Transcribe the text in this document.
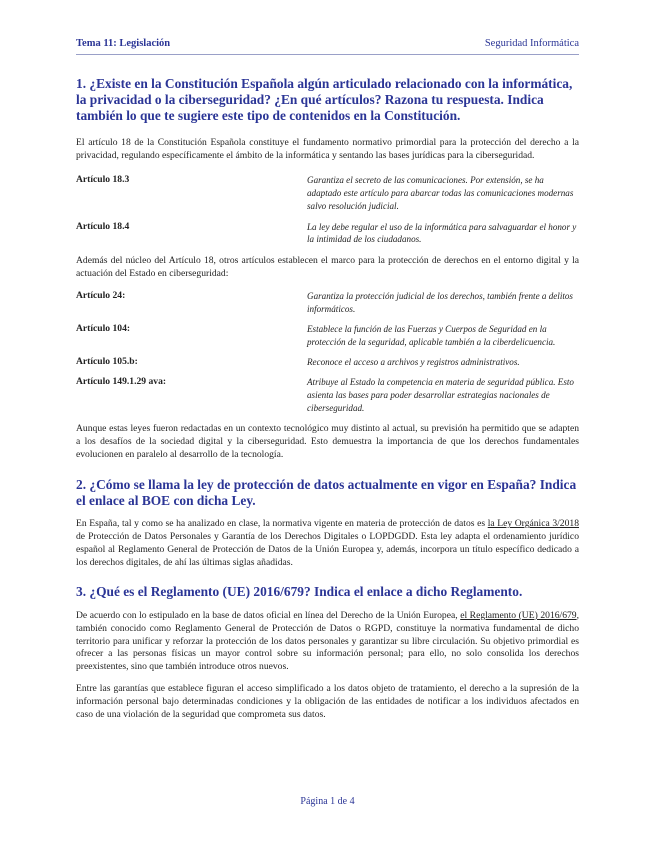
Tema 11: Legislación	Seguridad Informática
1. ¿Existe en la Constitución Española algún articulado relacionado con la informática, la privacidad o la ciberseguridad? ¿En qué artículos? Razona tu respuesta. Indica también lo que te sugiere este tipo de contenidos en la Constitución.

El artículo 18 de la Constitución Española constituye el fundamento normativo primordial para la protección del derecho a la privacidad, regulando específicamente el ámbito de la informática y sentando las bases jurídicas para la ciberseguridad.

Artículo 18.3	Garantiza el secreto de las comunicaciones. Por extensión, se ha adaptado este artículo para abarcar todas las comunicaciones modernas salvo resolución judicial.
Artículo 18.4	La ley debe regular el uso de la informática para salvaguardar el honor y la intimidad de los ciudadanos.

Además del núcleo del Artículo 18, otros artículos establecen el marco para la protección de derechos en el entorno digital y la actuación del Estado en ciberseguridad:

Artículo 24:	Garantiza la protección judicial de los derechos, también frente a delitos informáticos.
Artículo 104:	Establece la función de las Fuerzas y Cuerpos de Seguridad en la protección de la seguridad, aplicable también a la ciberdelicuencia.
Artículo 105.b:	Reconoce el acceso a archivos y registros administrativos.
Artículo 149.1.29 ava:	Atribuye al Estado la competencia en materia de seguridad pública. Esto asienta las bases para poder desarrollar estrategias nacionales de ciberseguridad.

Aunque estas leyes fueron redactadas en un contexto tecnológico muy distinto al actual, su previsión ha permitido que se adapten a los desafíos de la sociedad digital y la ciberseguridad. Esto demuestra la importancia de que los derechos fundamentales evolucionen en paralelo al desarrollo de la tecnología.

2. ¿Cómo se llama la ley de protección de datos actualmente en vigor en España? Indica el enlace al BOE con dicha Ley.

En España, tal y como se ha analizado en clase, la normativa vigente en materia de protección de datos es la Ley Orgánica 3/2018 de Protección de Datos Personales y Garantía de los Derechos Digitales o LOPDGDD. Esta ley adapta el ordenamiento jurídico español al Reglamento General de Protección de Datos de la Unión Europea y, además, incorpora un título específico dedicado a los derechos digitales, de ahí las últimas siglas añadidas.

3. ¿Qué es el Reglamento (UE) 2016/679? Indica el enlace a dicho Reglamento.

De acuerdo con lo estipulado en la base de datos oficial en línea del Derecho de la Unión Europea, el Reglamento (UE) 2016/679, también conocido como Reglamento General de Protección de Datos o RGPD, constituye la normativa fundamental de dicho territorio para unificar y reforzar la protección de los datos personales y garantizar su libre circulación. Su objetivo primordial es ofrecer a las personas físicas un mayor control sobre su información personal; para ello, no solo consolida los derechos preexistentes, sino que también introduce otros nuevos.

Entre las garantías que establece figuran el acceso simplificado a los datos objeto de tratamiento, el derecho a la supresión de la información personal bajo determinadas condiciones y la obligación de las entidades de notificar a los individuos afectados en caso de una violación de la seguridad que comprometa sus datos.

Página 1 de 4
